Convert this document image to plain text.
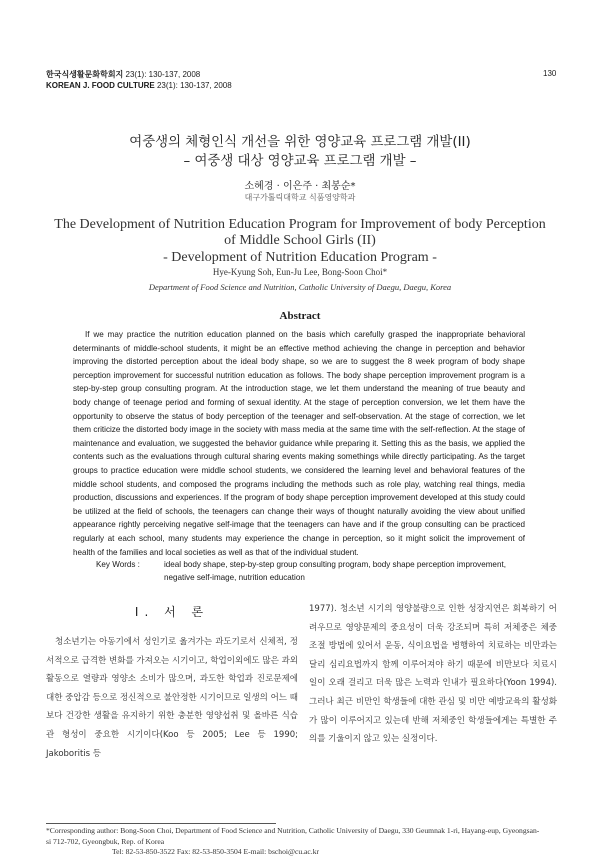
한국식생활문화학회지 23(1): 130-137, 2008
KOREAN J. FOOD CULTURE 23(1): 130-137, 2008
130
여중생의 체형인식 개선을 위한 영양교육 프로그램 개발(II)
– 여중생 대상 영양교육 프로그램 개발 –
소혜경 · 이은주 · 최봉순*
대구가톨릭대학교 식품영양학과
The Development of Nutrition Education Program for Improvement of body Perception
of Middle School Girls (II)
- Development of Nutrition Education Program -
Hye-Kyung Soh, Eun-Ju Lee, Bong-Soon Choi*
Department of Food Science and Nutrition, Catholic University of Daegu, Daegu, Korea
Abstract

If we may practice the nutrition education planned on the basis which carefully grasped the inappropriate behavioral determinants of middle-school students, it might be an effective method achieving the change in perception and behavior improving the distorted perception about the ideal body shape, so we are to suggest the 8 week program of body shape perception improvement for successful nutrition education as follows. The body shape perception improvement program is a step-by-step group consulting program. At the introduction stage, we let them understand the meaning of true beauty and body change of teenage period and forming of sexual identity. At the stage of perception conversion, we let them have the opportunity to observe the status of body perception of the teenager and self-observation. At the stage of correction, we let them criticize the distorted body image in the society with mass media at the same time with the self-reflection. At the stage of maintenance and evaluation, we suggested the behavior guidance while preparing it. Setting this as the basis, we applied the contents such as the evaluations through cultural sharing events making somethings while directly participating. As the target groups to practice education were middle school students, we considered the learning level and behavioral features of the middle school students, and composed the programs including the methods such as role play, watching real things, media production, discussions and experiences. If the program of body shape perception improvement developed at this study could be utilized at the field of schools, the teenagers can change their ways of thought naturally avoiding the view about unified appearance rightly perceiving negative self-image that the teenagers can have and if the group consulting can be practiced regularly at each school, many students may experience the change in perception, so it might solicit the improvement of health of the families and local societies as well as that of the individual student.

Key Words :	ideal body shape, step-by-step group consulting program, body shape perception improvement, negative self-image, nutrition education
I. 서 론

청소년기는 아동기에서 성인기로 옮겨가는 과도기로서 신체적, 정서적으로 급격한 변화를 가져오는 시기이고, 학업이외에도 많은 과외활동으로 열량과 영양소 소비가 많으며, 과도한 학업과 진로문제에 대한 중압감 등으로 정신적으로 불안정한 시기이므로 일생의 어느 때보다 건강한 생활을 유지하기 위한 충분한 영양섭취 및 올바른 식습관 형성이 중요한 시기이다(Koo 등 2005; Lee 등 1990; Jakoboritis 등

1977). 청소년 시기의 영양불량으로 인한 성장지연은 회복하기 어려우므로 영양문제의 중요성이 더욱 강조되며 특히 저체중은 체중조절 방법에 있어서 운동, 식이요법을 병행하여 치료하는 비만과는 달리 심리요법까지 함께 이루어져야 하기 때문에 비만보다 치료시일이 오래 걸리고 더욱 많은 노력과 인내가 필요하다(Yoon 1994). 그러나 최근 비만인 학생들에 대한 관심 및 비만 예방교육의 활성화가 많이 이루어지고 있는데 반해 저체중인 학생들에게는 특별한 주의를 기울이지 않고 있는 실정이다.

*Corresponding author: Bong-Soon Choi, Department of Food Science and Nutrition, Catholic University of Daegu, 330 Geumnak 1-ri, Hayang-eup, Gyeongsan-
si 712-702, Gyeongbuk, Rep. of Korea
Tel: 82-53-850-3522 Fax: 82-53-850-3504 E-mail: bschoi@cu.ac.kr
